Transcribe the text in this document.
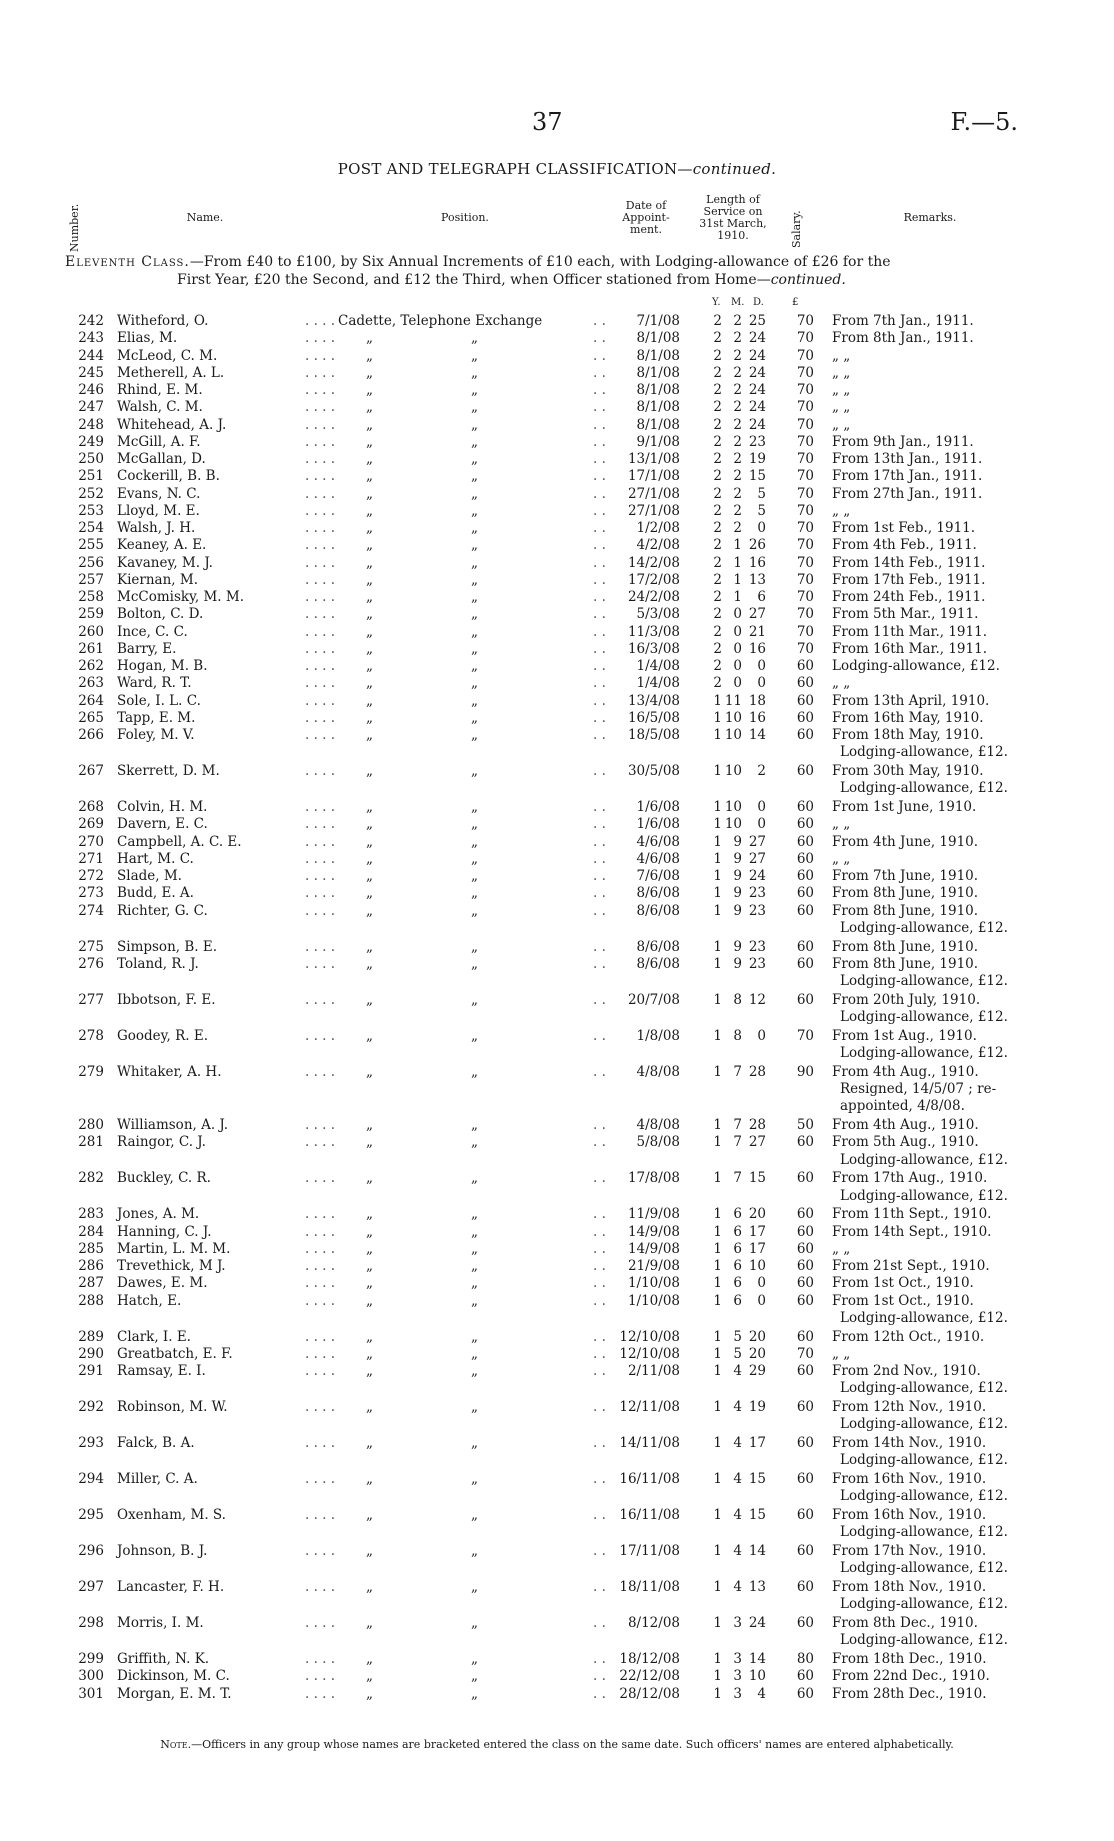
37	F.—5.
POST AND TELEGRAPH CLASSIFICATION—continued.
Number.	Name.	Position.
Date of Appoint-ment.
Length of Service on 31st March, 1910.	Salary.	Remarks.
Eleventh Class.—From £40 to £100, by Six Annual Increments of £10 each, with Lodging-allowance of £26 for the
First Year, £20 the Second, and £12 the Third, when Officer stationed from Home—continued.
Y. M. D.	£
242 Witheford, O.	. . . . Cadette, Telephone Exchange	. .	7/1/08	2 2 25	70 From 7th Jan., 1911.
243 Elias, M.	. . . . „	„	. .	8/1/08	2 2 24	70 From 8th Jan., 1911.
244 McLeod, C. M.	. . . . „	„	. .	8/1/08	2 2 24	70 „ „
245 Metherell, A. L.	. . . . „	„	. .	8/1/08	2 2 24	70 „ „
246 Rhind, E. M.	. . . . „	„	. .	8/1/08	2 2 24	70 „ „
247 Walsh, C. M.	. . . . „	„	. .	8/1/08	2 2 24	70 „ „
248 Whitehead, A. J.	. . . . „	„	. .	8/1/08	2 2 24	70 „ „
249 McGill, A. F.	. . . . „	„	. .	9/1/08	2 2 23	70 From 9th Jan., 1911.
250 McGallan, D.	. . . . „	„	. .	13/1/08	2 2 19	70 From 13th Jan., 1911.
251 Cockerill, B. B.	. . . . „	„	. .	17/1/08	2 2 15	70 From 17th Jan., 1911.
252 Evans, N. C.	. . . . „	„	. .	27/1/08	2 2	5	70 From 27th Jan., 1911.
253 Lloyd, M. E.	. . . . „	„	. .	27/1/08	2 2	5	70 „ „
254 Walsh, J. H.	. . . . „	„	. .	1/2/08	2 2	0	70 From 1st Feb., 1911.
255 Keaney, A. E.	. . . . „	„	. .	4/2/08	2 1 26	70 From 4th Feb., 1911.
256 Kavaney, M. J.	. . . . „	„	. .	14/2/08	2 1 16	70 From 14th Feb., 1911.
257 Kiernan, M.	. . . . „	„	. .	17/2/08	2 1 13	70 From 17th Feb., 1911.
258 McComisky, M. M.	. . . . „	„	. .	24/2/08	2 1	6	70 From 24th Feb., 1911.
259 Bolton, C. D.	. . . . „	„	. .	5/3/08	2 0 27	70 From 5th Mar., 1911.
260 Ince, C. C.	. . . . „	„	. .	11/3/08	2 0 21	70 From 11th Mar., 1911.
261 Barry, E.	. . . . „	„	. .	16/3/08	2 0 16	70 From 16th Mar., 1911.
262 Hogan, M. B.	. . . . „	„	. .	1/4/08	2 0	0	60 Lodging-allowance, £12.
263 Ward, R. T.	. . . . „	„	. .	1/4/08	2 0	0	60 „ „
264 Sole, I. L. C.	. . . . „	„	. .	13/4/08	1 11 18	60 From 13th April, 1910.
265 Tapp, E. M.	. . . . „	„	. .	16/5/08	1 10 16	60 From 16th May, 1910.
266 Foley, M. V.	. . . . „	„	. .	18/5/08	1 10 14	60 From 18th May, 1910.
Lodging-allowance, £12.
267 Skerrett, D. M.	. . . . „	„	. .	30/5/08	1 10	2	60 From 30th May, 1910.
Lodging-allowance, £12.
268 Colvin, H. M.	. . . . „	„	. .	1/6/08	1 10	0	60 From 1st June, 1910.
269 Davern, E. C.	. . . . „	„	. .	1/6/08	1 10	0	60 „ „
270 Campbell, A. C. E.	. . . . „	„	. .	4/6/08	1 9 27	60 From 4th June, 1910.
271 Hart, M. C.	. . . . „	„	. .	4/6/08	1 9 27	60 „ „
272 Slade, M.	. . . . „	„	. .	7/6/08	1 9 24	60 From 7th June, 1910.
273 Budd, E. A.	. . . . „	„	. .	8/6/08	1 9 23	60 From 8th June, 1910.
274 Richter, G. C.	. . . . „	„	. .	8/6/08	1 9 23	60 From 8th June, 1910.
Lodging-allowance, £12.
275 Simpson, B. E.	. . . . „	„	. .	8/6/08	1 9 23	60 From 8th June, 1910.
276 Toland, R. J.	. . . . „	„	. .	8/6/08	1 9 23	60 From 8th June, 1910.
Lodging-allowance, £12.
277 Ibbotson, F. E.	. . . . „	„	. .	20/7/08	1 8 12	60 From 20th July, 1910.
Lodging-allowance, £12.
278 Goodey, R. E.	. . . . „	„	. .	1/8/08	1 8	0	70 From 1st Aug., 1910.
Lodging-allowance, £12.
279 Whitaker, A. H.	. . . . „	„	. .	4/8/08	1 7 28	90 From 4th Aug., 1910.
Resigned, 14/5/07 ; re-
appointed, 4/8/08.
280 Williamson, A. J.	. . . . „	„	. .	4/8/08	1 7 28	50 From 4th Aug., 1910.
281 Raingor, C. J.	. . . . „	„	. .	5/8/08	1 7 27	60 From 5th Aug., 1910.
Lodging-allowance, £12.
282 Buckley, C. R.	. . . . „	„	. .	17/8/08	1 7 15	60 From 17th Aug., 1910.
Lodging-allowance, £12.
283 Jones, A. M.	. . . . „	„	. .	11/9/08	1 6 20	60 From 11th Sept., 1910.
284 Hanning, C. J.	. . . . „	„	. .	14/9/08	1 6 17	60 From 14th Sept., 1910.
285 Martin, L. M. M.	. . . . „	„	. .	14/9/08	1 6 17	60 „ „
286 Trevethick, M J.	. . . . „	„	. .	21/9/08	1 6 10	60 From 21st Sept., 1910.
287 Dawes, E. M.	. . . . „	„	. .	1/10/08	1 6	0	60 From 1st Oct., 1910.
288 Hatch, E.	. . . . „	„	. .	1/10/08	1 6	0	60 From 1st Oct., 1910.
Lodging-allowance, £12.
289 Clark, I. E.	. . . . „	„	. . 12/10/08	1 5 20	60 From 12th Oct., 1910.
290 Greatbatch, E. F.	. . . . „	„	. . 12/10/08	1 5 20	70 „ „
291 Ramsay, E. I.	. . . . „	„	. .	2/11/08	1 4 29	60 From 2nd Nov., 1910.
Lodging-allowance, £12.
292 Robinson, M. W.	. . . . „	„	. . 12/11/08	1 4 19	60 From 12th Nov., 1910.
Lodging-allowance, £12.
293 Falck, B. A.	. . . . „	„	. . 14/11/08	1 4 17	60 From 14th Nov., 1910.
Lodging-allowance, £12.
294 Miller, C. A.	. . . . „	„	. . 16/11/08	1 4 15	60 From 16th Nov., 1910.
Lodging-allowance, £12.
295 Oxenham, M. S.	. . . . „	„	. . 16/11/08	1 4 15	60 From 16th Nov., 1910.
Lodging-allowance, £12.
296 Johnson, B. J.	. . . . „	„	. . 17/11/08	1 4 14	60 From 17th Nov., 1910.
Lodging-allowance, £12.
297 Lancaster, F. H.	. . . . „	„	. . 18/11/08	1 4 13	60 From 18th Nov., 1910.
Lodging-allowance, £12.
298 Morris, I. M.	. . . . „	„	. .	8/12/08	1 3 24	60 From 8th Dec., 1910.
Lodging-allowance, £12.
299 Griffith, N. K.	. . . . „	„	. . 18/12/08	1 3 14	80 From 18th Dec., 1910.
300 Dickinson, M. C.	. . . . „	„	. . 22/12/08	1 3 10	60 From 22nd Dec., 1910.
301 Morgan, E. M. T.	. . . . „	„	. . 28/12/08	1 3	4	60 From 28th Dec., 1910.
Note.—Officers in any group whose names are bracketed entered the class on the same date. Such officers' names are entered alphabetically.
